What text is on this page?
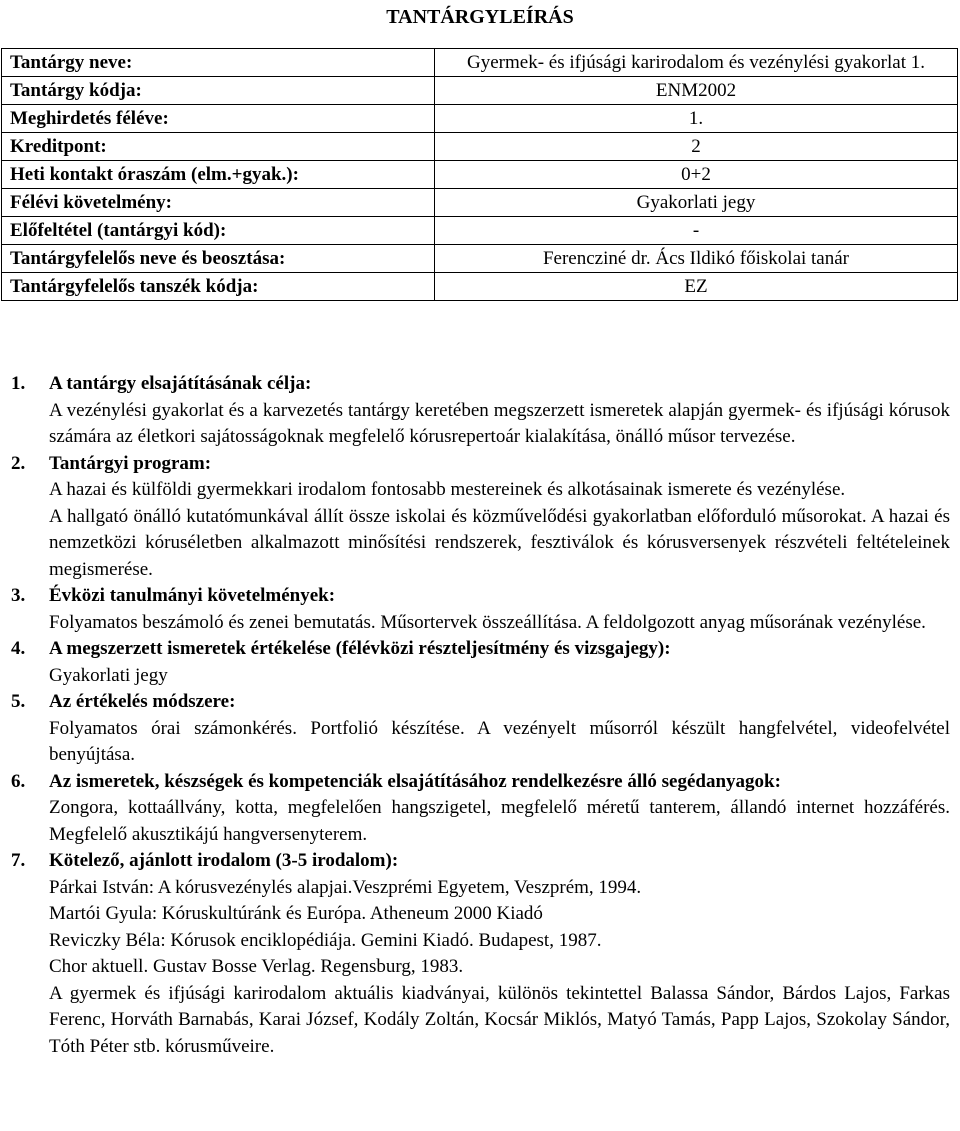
TANTÁRGYLEÍRÁS
Tantárgy neve:	Gyermek- és ifjúsági karirodalom és vezénylési gyakorlat 1.
Tantárgy kódja:	ENM2002
Meghirdetés féléve:	1.
Kreditpont:	2
Heti kontakt óraszám (elm.+gyak.):	0+2
Félévi követelmény:	Gyakorlati jegy
Előfeltétel (tantárgyi kód):	-
Tantárgyfelelős neve és beosztása:	Ferencziné dr. Ács Ildikó főiskolai tanár
Tantárgyfelelős tanszék kódja:	EZ
1. A tantárgy elsajátításának célja:
A vezénylési gyakorlat és a karvezetés tantárgy keretében megszerzett ismeretek alapján gyermek- és ifjúsági kórusok számára az életkori sajátosságoknak megfelelő kórusrepertoár kialakítása, önálló műsor tervezése.
2. Tantárgyi program:
A hazai és külföldi gyermekkari irodalom fontosabb mestereinek és alkotásainak ismerete és vezénylése.
A hallgató önálló kutatómunkával állít össze iskolai és közművelődési gyakorlatban előforduló műsorokat. A hazai és nemzetközi kóruséletben alkalmazott minősítési rendszerek, fesztiválok és kórusversenyek részvételi feltételeinek megismerése.
3. Évközi tanulmányi követelmények:
Folyamatos beszámoló és zenei bemutatás. Műsortervek összeállítása. A feldolgozott anyag műsorának vezénylése.
4. A megszerzett ismeretek értékelése (félévközi részteljesítmény és vizsgajegy):
Gyakorlati jegy
5. Az értékelés módszere:
Folyamatos órai számonkérés. Portfolió készítése. A vezényelt műsorról készült hangfelvétel, videofelvétel benyújtása.
6. Az ismeretek, készségek és kompetenciák elsajátításához rendelkezésre álló segédanyagok:
Zongora, kottaállvány, kotta, megfelelően hangszigetel, megfelelő méretű tanterem, állandó internet hozzáférés. Megfelelő akusztikájú hangversenyterem.
7. Kötelező, ajánlott irodalom (3-5 irodalom):
Párkai István: A kórusvezénylés alapjai.Veszprémi Egyetem, Veszprém, 1994.
Martói Gyula: Kóruskultúránk és Európa. Atheneum 2000 Kiadó
Reviczky Béla: Kórusok enciklopédiája. Gemini Kiadó. Budapest, 1987.
Chor aktuell. Gustav Bosse Verlag. Regensburg, 1983.
A gyermek és ifjúsági karirodalom aktuális kiadványai, különös tekintettel Balassa Sándor, Bárdos Lajos, Farkas Ferenc, Horváth Barnabás, Karai József, Kodály Zoltán, Kocsár Miklós, Matyó Tamás, Papp Lajos, Szokolay Sándor, Tóth Péter stb. kórusműveire.
